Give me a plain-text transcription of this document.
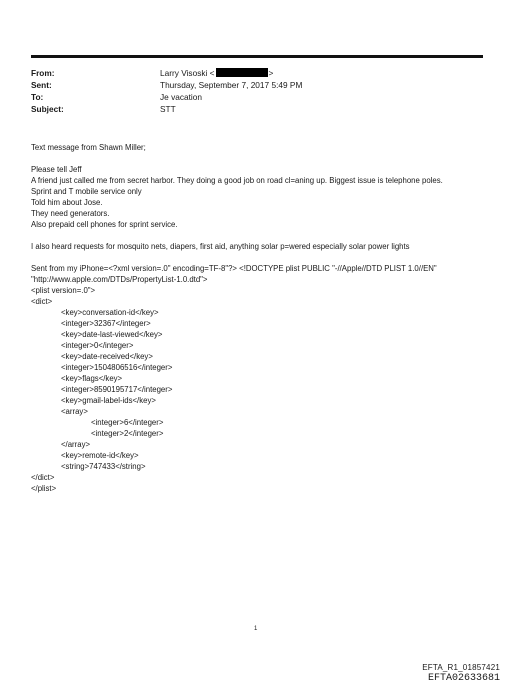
From:	Larry Visoski <	>
Sent:	Thursday, September 7, 2017 5:49 PM
To:	Je vacation
Subject:	STT

Text message from Shawn Miller;

Please tell Jeff

A friend just called me from secret harbor. They doing a good job on road cl=aning up. Biggest issue is telephone poles.

Sprint and T mobile service only

Told him about Jose.

They need generators.

Also prepaid cell phones for sprint service.

I also heard requests for mosquito nets, diapers, first aid, anything solar p=wered especially solar power lights

Sent from my iPhone=<?xml version=.0" encoding=TF-8"?> <!DOCTYPE plist PUBLIC "-//Apple//DTD PLIST 1.0//EN"

"http://www.apple.com/DTDs/PropertyList-1.0.dtd">

<plist version=.0">

<dict>

<key>conversation-id</key>

<integer>32367</integer>

<key>date-last-viewed</key>

<integer>0</integer>

<key>date-received</key>

<integer>1504806516</integer>

<key>flags</key>

<integer>8590195717</integer>

<key>gmail-label-ids</key>

<array>

<integer>6</integer>

<integer>2</integer>

</array>

<key>remote-id</key>

<string>747433</string>

</dict>

</plist>

1
EFTA_R1_01857421
EFTA02633681
